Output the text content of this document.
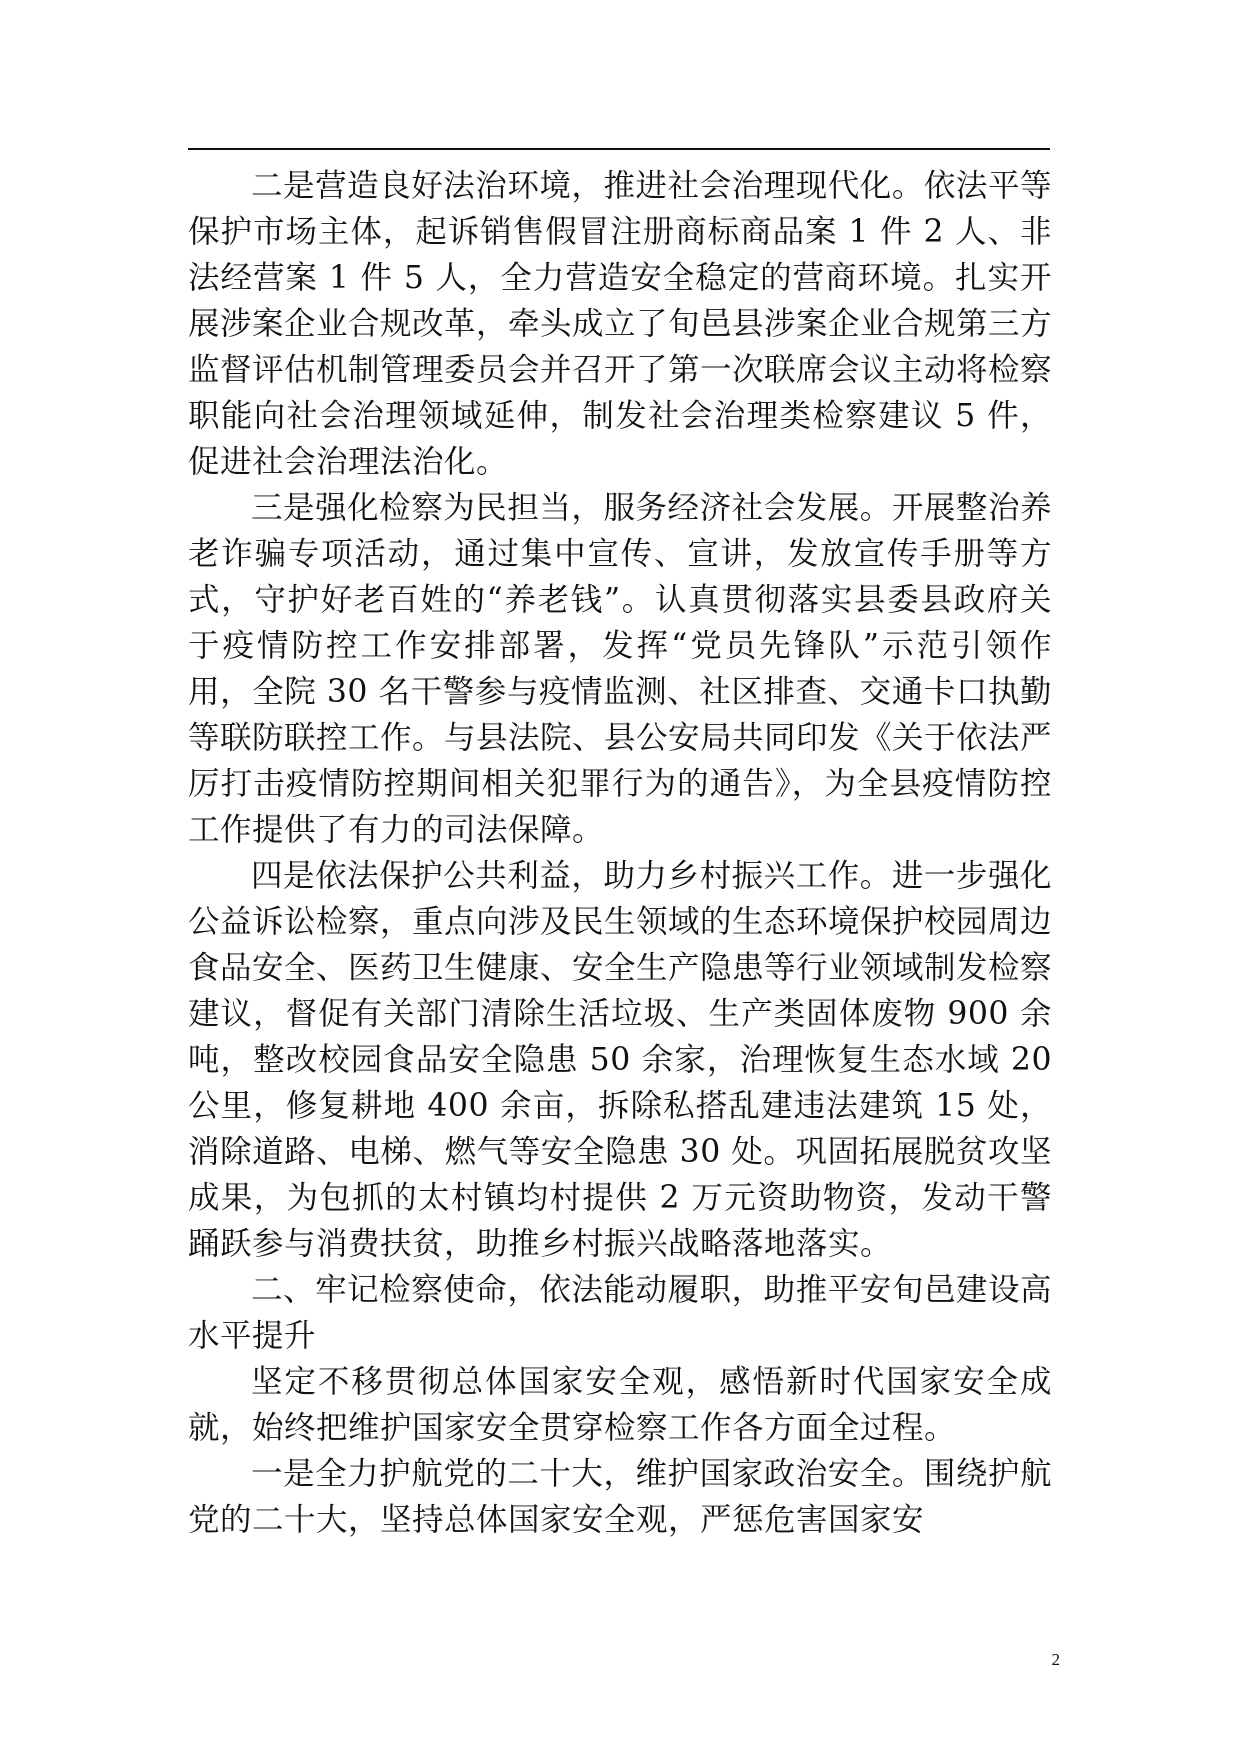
二是营造良好法治环境，推进社会治理现代化。依法平等保护市场主体，起诉销售假冒注册商标商品案 1 件 2 人、非法经营案 1 件 5 人，全力营造安全稳定的营商环境。扎实开展涉案企业合规改革，牵头成立了旬邑县涉案企业合规第三方监督评估机制管理委员会并召开了第一次联席会议主动将检察职能向社会治理领域延伸，制发社会治理类检察建议 5 件，促进社会治理法治化。

三是强化检察为民担当，服务经济社会发展。开展整治养老诈骗专项活动，通过集中宣传、宣讲，发放宣传手册等方式，守护好老百姓的“养老钱”。认真贯彻落实县委县政府关于疫情防控工作安排部署，发挥“党员先锋队”示范引领作用，全院 30 名干警参与疫情监测、社区排查、交通卡口执勤等联防联控工作。与县法院、县公安局共同印发《关于依法严厉打击疫情防控期间相关犯罪行为的通告》，为全县疫情防控工作提供了有力的司法保障。

四是依法保护公共利益，助力乡村振兴工作。进一步强化公益诉讼检察，重点向涉及民生领域的生态环境保护校园周边食品安全、医药卫生健康、安全生产隐患等行业领域制发检察建议，督促有关部门清除生活垃圾、生产类固体废物 900 余吨，整改校园食品安全隐患 50 余家，治理恢复生态水域 20 公里，修复耕地 400 余亩，拆除私搭乱建违法建筑 15 处，消除道路、电梯、燃气等安全隐患 30 处。巩固拓展脱贫攻坚成果，为包抓的太村镇均村提供 2 万元资助物资，发动干警踊跃参与消费扶贫，助推乡村振兴战略落地落实。

二、牢记检察使命，依法能动履职，助推平安旬邑建设高水平提升

坚定不移贯彻总体国家安全观，感悟新时代国家安全成就，始终把维护国家安全贯穿检察工作各方面全过程。

一是全力护航党的二十大，维护国家政治安全。围绕护航党的二十大，坚持总体国家安全观，严惩危害国家安

2
